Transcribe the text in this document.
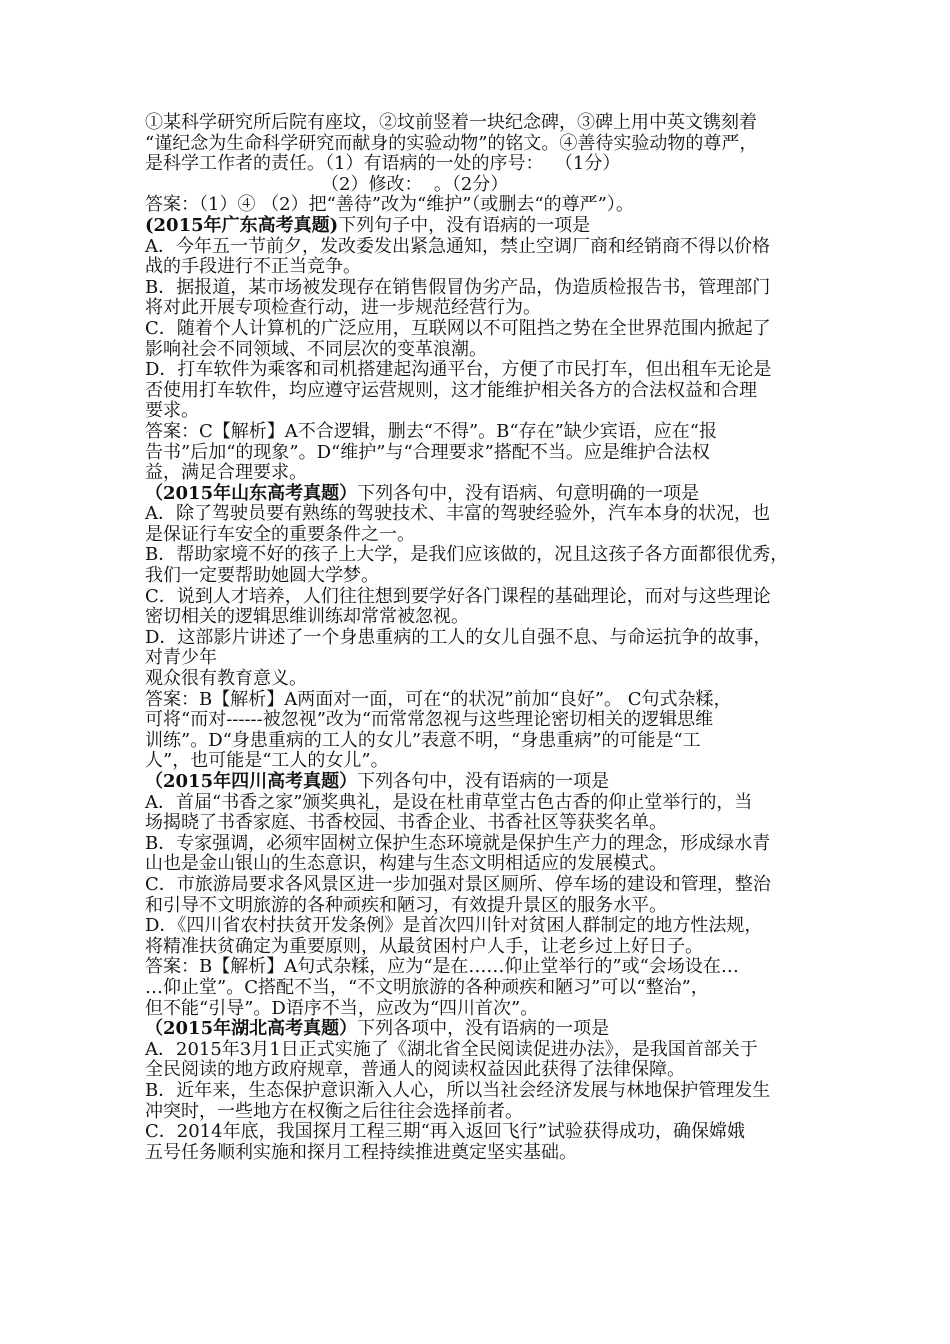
①某科学研究所后院有座坟，②坟前竖着一块纪念碑，③碑上用中英文镌刻着
“谨纪念为生命科学研究而献身的实验动物”的铭文。④善待实验动物的尊严，
是科学工作者的责任。（1）有语病的一处的序号：  （1分）
（2）修改：  。（2分）
答案：（1）④ （2）把“善待”改为“维护”（或删去“的尊严”）。
(2015年广东高考真题)下列句子中，没有语病的一项是
A．今年五一节前夕，发改委发出紧急通知，禁止空调厂商和经销商不得以价格
战的手段进行不正当竞争。
B．据报道，某市场被发现存在销售假冒伪劣产品，伪造质检报告书，管理部门
将对此开展专项检查行动，进一步规范经营行为。
C．随着个人计算机的广泛应用，互联网以不可阻挡之势在全世界范围内掀起了
影响社会不同领域、不同层次的变革浪潮。
D．打车软件为乘客和司机搭建起沟通平台，方便了市民打车，但出租车无论是
否使用打车软件，均应遵守运营规则，这才能维护相关各方的合法权益和合理
要求。
答案：C【解析】A不合逻辑，删去“不得”。B“存在”缺少宾语，应在“报
告书”后加“的现象”。D“维护”与“合理要求”搭配不当。应是维护合法权
益，满足合理要求。
（2015年山东高考真题）下列各句中，没有语病、句意明确的一项是
A．除了驾驶员要有熟练的驾驶技术、丰富的驾驶经验外，汽车本身的状况，也
是保证行车安全的重要条件之一。
B．帮助家境不好的孩子上大学，是我们应该做的，况且这孩子各方面都很优秀，
我们一定要帮助她圆大学梦。
C．说到人才培养，人们往往想到要学好各门课程的基础理论，而对与这些理论
密切相关的逻辑思维训练却常常被忽视。
D．这部影片讲述了一个身患重病的工人的女儿自强不息、与命运抗争的故事，
对青少年
观众很有教育意义。
答案：B【解析】A两面对一面，可在“的状况”前加“良好”。 C句式杂糅，
可将“而对------被忽视”改为“而常常忽视与这些理论密切相关的逻辑思维
训练”。D“身患重病的工人的女儿”表意不明，“身患重病”的可能是“工
人”，也可能是“工人的女儿”。
（2015年四川高考真题）下列各句中，没有语病的一项是
A．首届“书香之家”颁奖典礼，是设在杜甫草堂古色古香的仰止堂举行的，当
场揭晓了书香家庭、书香校园、书香企业、书香社区等获奖名单。
B．专家强调，必须牢固树立保护生态环境就是保护生产力的理念，形成绿水青
山也是金山银山的生态意识，构建与生态文明相适应的发展模式。
C．市旅游局要求各风景区进一步加强对景区厕所、停车场的建设和管理，整治
和引导不文明旅游的各种顽疾和陋习，有效提升景区的服务水平。
D．《四川省农村扶贫开发条例》是首次四川针对贫困人群制定的地方性法规，
将精准扶贫确定为重要原则，从最贫困村户人手，让老乡过上好日子。
答案：B【解析】A句式杂糅，应为“是在……仰止堂举行的”或“会场设在…
…仰止堂”。C搭配不当，“不文明旅游的各种顽疾和陋习”可以“整治”，
但不能“引导”。D语序不当，应改为“四川首次”。
（2015年湖北高考真题）下列各项中，没有语病的一项是
A．2015年3月1日正式实施了《湖北省全民阅读促进办法》，是我国首部关于
全民阅读的地方政府规章，普通人的阅读权益因此获得了法律保障。
B．近年来，生态保护意识渐入人心，所以当社会经济发展与林地保护管理发生
冲突时，一些地方在权衡之后往往会选择前者。
C．2014年底，我国探月工程三期“再入返回飞行”试验获得成功，确保嫦娥
五号任务顺利实施和探月工程持续推进奠定坚实基础。
